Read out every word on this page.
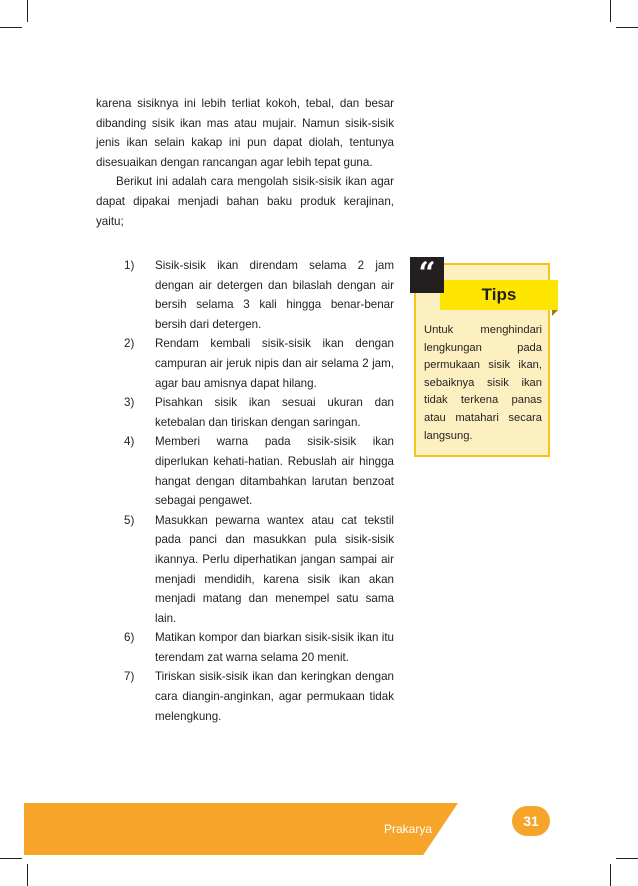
karena sisiknya ini lebih terliat kokoh, tebal, dan besar dibanding sisik ikan mas atau mujair. Namun sisik-sisik jenis ikan selain kakap ini pun dapat diolah, tentunya disesuaikan dengan rancangan agar lebih tepat guna.

Berikut ini adalah cara mengolah sisik-sisik ikan agar dapat dipakai menjadi bahan baku produk kerajinan, yaitu;

1)	Sisik-sisik ikan direndam selama 2 jam dengan air detergen dan bilaslah dengan air bersih selama 3 kali hingga benar-benar bersih dari detergen.
2)	Rendam kembali sisik-sisik ikan dengan campuran air jeruk nipis dan air selama 2 jam, agar bau amisnya dapat hilang.
3)	Pisahkan sisik ikan sesuai ukuran dan ketebalan dan tiriskan dengan saringan.
4)	Memberi warna pada sisik-sisik ikan diperlukan kehati-hatian. Rebuslah air hingga hangat dengan ditambahkan larutan benzoat sebagai pengawet.
5)	Masukkan pewarna wantex atau cat tekstil pada panci dan masukkan pula sisik-sisik ikannya. Perlu diperhatikan jangan sampai air menjadi mendidih, karena sisik ikan akan menjadi matang dan menempel satu sama lain.
6)	Matikan kompor dan biarkan sisik-sisik ikan itu terendam zat warna selama 20 menit.
7)	Tiriskan sisik-sisik ikan dan keringkan dengan cara diangin-anginkan, agar permukaan tidak melengkung.
Tips
“

Untuk menghindari lengkungan pada permukaan sisik ikan, sebaiknya sisik ikan tidak terkena panas atau matahari secara langsung.

Prakarya	31
